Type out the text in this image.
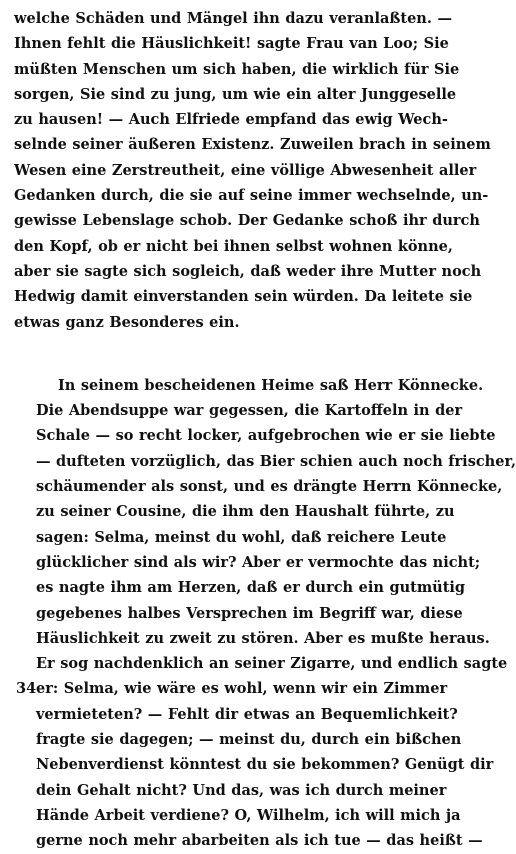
welche Schäden und Mängel ihn dazu veranlaßten. —
Ihnen fehlt die Häuslichkeit! sagte Frau van Loo; Sie
müßten Menschen um sich haben, die wirklich für Sie
sorgen, Sie sind zu jung, um wie ein alter Junggeselle
zu hausen! — Auch Elfriede empfand das ewig Wech-
selnde seiner äußeren Existenz. Zuweilen brach in seinem
Wesen eine Zerstreutheit, eine völlige Abwesenheit aller
Gedanken durch, die sie auf seine immer wechselnde, un-
gewisse Lebenslage schob. Der Gedanke schoß ihr durch
den Kopf, ob er nicht bei ihnen selbst wohnen könne,
aber sie sagte sich sogleich, daß weder ihre Mutter noch
Hedwig damit einverstanden sein würden. Da leitete sie
etwas ganz Besonderes ein.
In seinem bescheidenen Heime saß Herr Könnecke.
Die Abendsuppe war gegessen, die Kartoffeln in der
Schale — so recht locker, aufgebrochen wie er sie liebte
— dufteten vorzüglich, das Bier schien auch noch frischer,
schäumender als sonst, und es drängte Herrn Könnecke,
zu seiner Cousine, die ihm den Haushalt führte, zu
sagen: Selma, meinst du wohl, daß reichere Leute
glücklicher sind als wir? Aber er vermochte das nicht;
es nagte ihm am Herzen, daß er durch ein gutmütig
gegebenes halbes Versprechen im Begriff war, diese
Häuslichkeit zu zweit zu stören. Aber es mußte heraus.
Er sog nachdenklich an seiner Zigarre, und endlich sagte
er: Selma, wie wäre es wohl, wenn wir ein Zimmer
vermieteten? — Fehlt dir etwas an Bequemlichkeit?
fragte sie dagegen; — meinst du, durch ein bißchen
Nebenverdienst könntest du sie bekommen? Genügt dir
dein Gehalt nicht? Und das, was ich durch meiner
Hände Arbeit verdiene? O, Wilhelm, ich will mich ja
gerne noch mehr abarbeiten als ich tue — das heißt —
34
